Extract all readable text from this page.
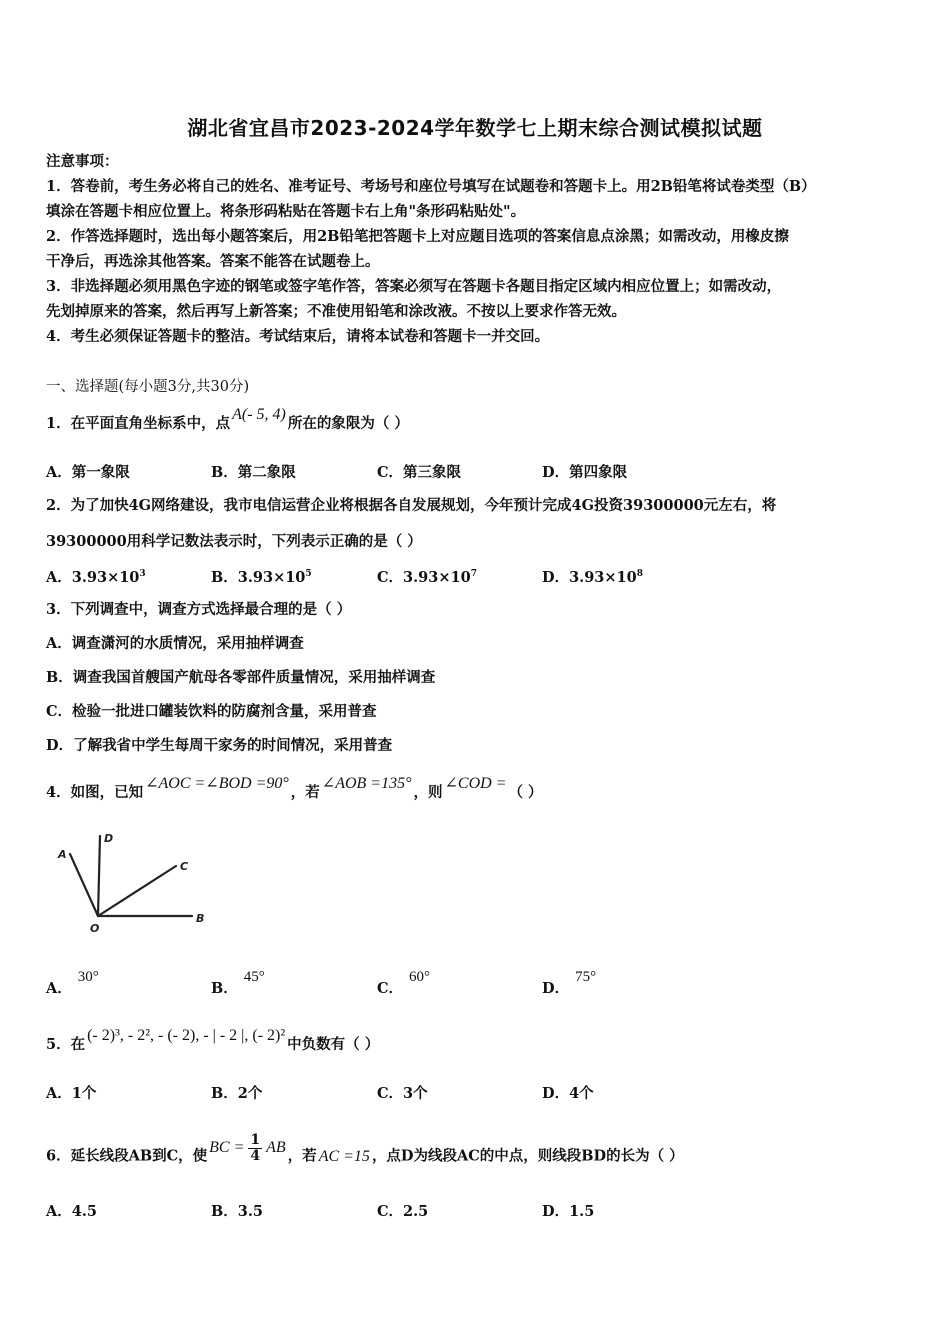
湖北省宜昌市2023-2024学年数学七上期末综合测试模拟试题
注意事项：
1．答卷前，考生务必将自己的姓名、准考证号、考场号和座位号填写在试题卷和答题卡上。用2B铅笔将试卷类型（B）
填涂在答题卡相应位置上。将条形码粘贴在答题卡右上角"条形码粘贴处"。
2．作答选择题时，选出每小题答案后，用2B铅笔把答题卡上对应题目选项的答案信息点涂黑；如需改动，用橡皮擦
干净后，再选涂其他答案。答案不能答在试题卷上。
3．非选择题必须用黑色字迹的钢笔或签字笔作答，答案必须写在答题卡各题目指定区域内相应位置上；如需改动，
先划掉原来的答案，然后再写上新答案；不准使用铅笔和涂改液。不按以上要求作答无效。
4．考生必须保证答题卡的整洁。考试结束后，请将本试卷和答题卡一并交回。
一、选择题(每小题3分,共30分)
1．在平面直角坐标系中，点A(- 5, 4)所在的象限为（ ）
A．第一象限	B．第二象限	C．第三象限	D．第四象限
2．为了加快4G网络建设，我市电信运营企业将根据各自发展规划，今年预计完成4G投资39300000元左右，将
39300000用科学记数法表示时，下列表示正确的是（ ）
A．$3.93\times 10^3$	B．$3.93\times 10^5$	C．$3.93\times 10^7$	D．$3.93\times 10^8$
3．下列调查中，调查方式选择最合理的是（ ）
A．调查潇河的水质情况，采用抽样调查
B．调查我国首艘国产航母各零部件质量情况，采用抽样调查
C．检验一批进口罐装饮料的防腐剂含量，采用普查
D．了解我省中学生每周干家务的时间情况，采用普查
4．如图，已知∠AOC =∠BOD =90°，若∠AOB =135°，则∠COD =（ ）
A
D
C
O
B
A．30°
B．45°
C．60°
D．75°
5．在(- 2)³, - 2², - (- 2), - | - 2 |, (- 2)²中负数有（ ）
A．1个	B．2个	C．3个	D．4个
6．延长线段AB到C，使BC = $\frac{1}{4}$ AB，若 AC =15 ，点D为线段AC的中点，则线段BD的长为（ ）
A．4.5	B．3.5	C．2.5	D．1.5
